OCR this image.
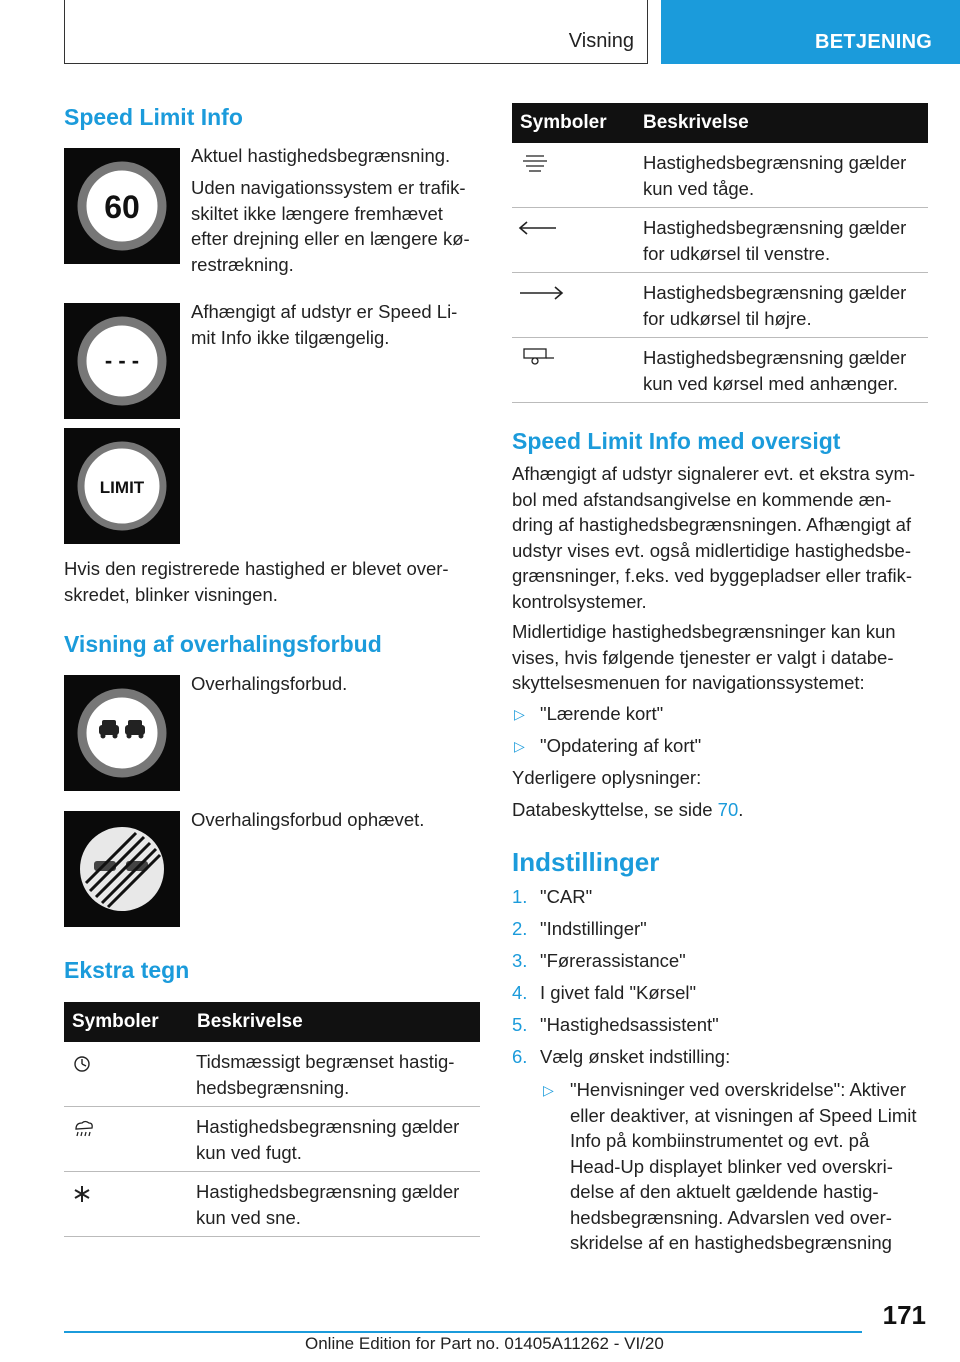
Visning	BETJENING
Speed Limit Info
60
Aktuel hastighedsbegrænsning.
Uden navigationssystem er trafik-
skiltet ikke længere fremhævet
efter drejning eller en længere kø-
restrækning.
- - -
Afhængigt af udstyr er Speed Li-
mit Info ikke tilgængelig.
LIMIT
Hvis den registrerede hastighed er blevet over-
skredet, blinker visningen.
Visning af overhalingsforbud
Overhalingsforbud.
Overhalingsforbud ophævet.
Ekstra tegn
Symboler Beskrivelse
Tidsmæssigt begrænset hastig-
hedsbegrænsning.
Hastighedsbegrænsning gælder
kun ved fugt.
Hastighedsbegrænsning gælder
kun ved sne.
Symboler Beskrivelse
Hastighedsbegrænsning gælder
kun ved tåge.
Hastighedsbegrænsning gælder
for udkørsel til venstre.
Hastighedsbegrænsning gælder
for udkørsel til højre.
Hastighedsbegrænsning gælder
kun ved kørsel med anhænger.
Speed Limit Info med oversigt
Afhængigt af udstyr signalerer evt. et ekstra sym-
bol med afstandsangivelse en kommende æn-
dring af hastighedsbegrænsningen. Afhængigt af
udstyr vises evt. også midlertidige hastighedsbe-
grænsninger, f.eks. ved byggepladser eller trafik-
kontrolsystemer.
Midlertidige hastighedsbegrænsninger kan kun
vises, hvis følgende tjenester er valgt i databe-
skyttelsesmenuen for navigationssystemet:
▷ "Lærende kort"
▷ "Opdatering af kort"
Yderligere oplysninger:
Databeskyttelse, se side 70.
Indstillinger
1. "CAR"
2. "Indstillinger"
3. "Førerassistance"
4. I givet fald "Kørsel"
5. "Hastighedsassistent"
6. Vælg ønsket indstilling:
▷ "Henvisninger ved overskridelse": Aktiver
eller deaktiver, at visningen af Speed Limit
Info på kombiinstrumentet og evt. på
Head-Up displayet blinker ved overskri-
delse af den aktuelt gældende hastig-
hedsbegrænsning. Advarslen ved over-
skridelse af en hastighedsbegrænsning
171
Online Edition for Part no. 01405A11262 - VI/20
